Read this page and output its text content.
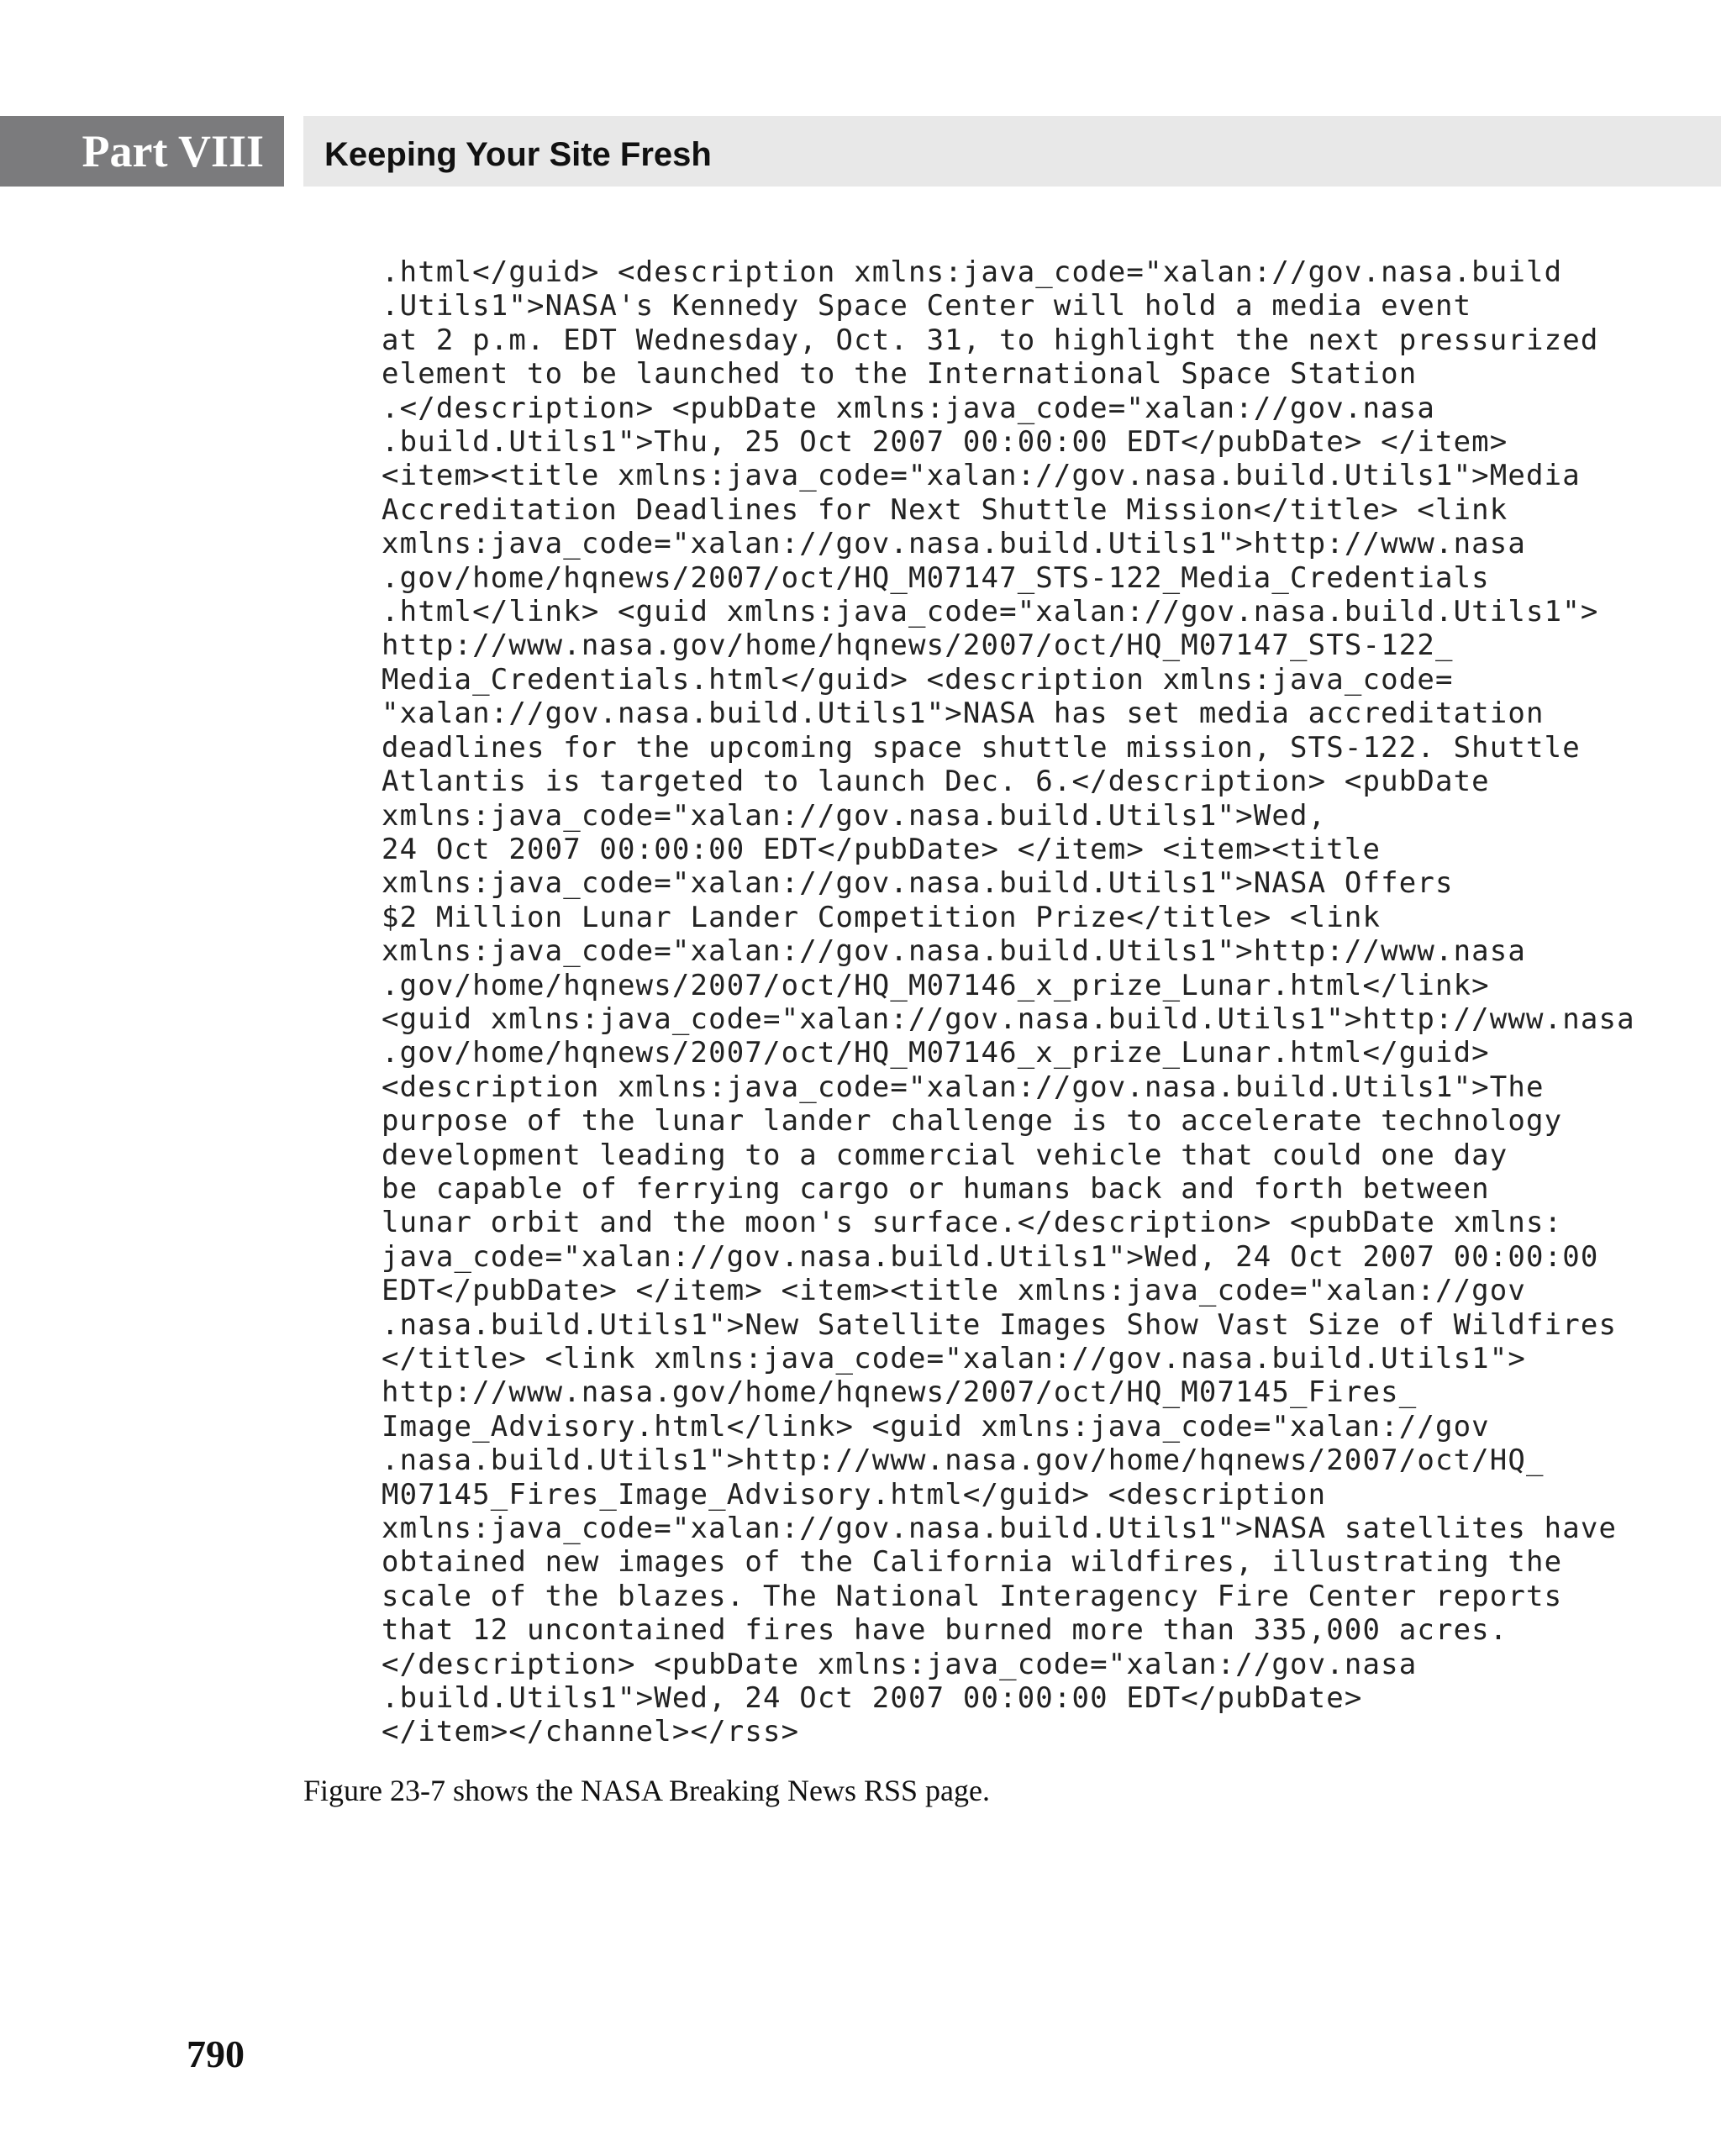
Part VIII	Keeping Your Site Fresh
.html</guid> <description xmlns:java_code="xalan://gov.nasa.build
.Utils1">NASA's Kennedy Space Center will hold a media event
at 2 p.m. EDT Wednesday, Oct. 31, to highlight the next pressurized
element to be launched to the International Space Station
.</description> <pubDate xmlns:java_code="xalan://gov.nasa
.build.Utils1">Thu, 25 Oct 2007 00:00:00 EDT</pubDate> </item>
<item><title xmlns:java_code="xalan://gov.nasa.build.Utils1">Media
Accreditation Deadlines for Next Shuttle Mission</title> <link
xmlns:java_code="xalan://gov.nasa.build.Utils1">http://www.nasa
.gov/home/hqnews/2007/oct/HQ_M07147_STS-122_Media_Credentials
.html</link> <guid xmlns:java_code="xalan://gov.nasa.build.Utils1">
http://www.nasa.gov/home/hqnews/2007/oct/HQ_M07147_STS-122_
Media_Credentials.html</guid> <description xmlns:java_code=
"xalan://gov.nasa.build.Utils1">NASA has set media accreditation
deadlines for the upcoming space shuttle mission, STS-122. Shuttle
Atlantis is targeted to launch Dec. 6.</description> <pubDate
xmlns:java_code="xalan://gov.nasa.build.Utils1">Wed,
24 Oct 2007 00:00:00 EDT</pubDate> </item> <item><title
xmlns:java_code="xalan://gov.nasa.build.Utils1">NASA Offers
$2 Million Lunar Lander Competition Prize</title> <link
xmlns:java_code="xalan://gov.nasa.build.Utils1">http://www.nasa
.gov/home/hqnews/2007/oct/HQ_M07146_x_prize_Lunar.html</link>
<guid xmlns:java_code="xalan://gov.nasa.build.Utils1">http://www.nasa
.gov/home/hqnews/2007/oct/HQ_M07146_x_prize_Lunar.html</guid>
<description xmlns:java_code="xalan://gov.nasa.build.Utils1">The
purpose of the lunar lander challenge is to accelerate technology
development leading to a commercial vehicle that could one day
be capable of ferrying cargo or humans back and forth between
lunar orbit and the moon's surface.</description> <pubDate xmlns:
java_code="xalan://gov.nasa.build.Utils1">Wed, 24 Oct 2007 00:00:00
EDT</pubDate> </item> <item><title xmlns:java_code="xalan://gov
.nasa.build.Utils1">New Satellite Images Show Vast Size of Wildfires
</title> <link xmlns:java_code="xalan://gov.nasa.build.Utils1">
http://www.nasa.gov/home/hqnews/2007/oct/HQ_M07145_Fires_
Image_Advisory.html</link> <guid xmlns:java_code="xalan://gov
.nasa.build.Utils1">http://www.nasa.gov/home/hqnews/2007/oct/HQ_
M07145_Fires_Image_Advisory.html</guid> <description
xmlns:java_code="xalan://gov.nasa.build.Utils1">NASA satellites have
obtained new images of the California wildfires, illustrating the
scale of the blazes. The National Interagency Fire Center reports
that 12 uncontained fires have burned more than 335,000 acres.
</description> <pubDate xmlns:java_code="xalan://gov.nasa
.build.Utils1">Wed, 24 Oct 2007 00:00:00 EDT</pubDate>
</item></channel></rss>
Figure 23-7 shows the NASA Breaking News RSS page.
790
